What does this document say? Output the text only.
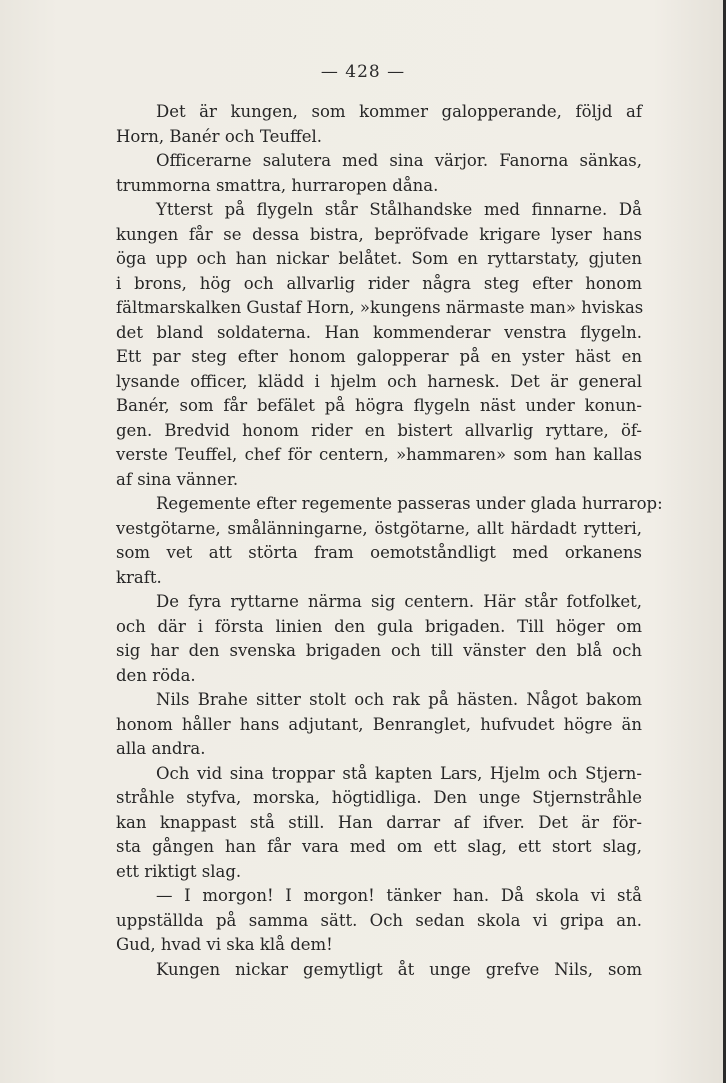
— 428 —
Det är kungen, som kommer galopperande, följd af
Horn, Banér och Teuffel.
Officerarne salutera med sina värjor. Fanorna sänkas,
trummorna smattra, hurraropen dåna.
Ytterst på flygeln står Stålhandske med finnarne. Då
kungen får se dessa bistra, bepröfvade krigare lyser hans
öga upp och han nickar belåtet. Som en ryttarstaty, gjuten
i brons, hög och allvarlig rider några steg efter honom
fältmarskalken Gustaf Horn, »kungens närmaste man» hviskas
det bland soldaterna. Han kommenderar venstra flygeln.
Ett par steg efter honom galopperar på en yster häst en
lysande officer, klädd i hjelm och harnesk. Det är general
Banér, som får befälet på högra flygeln näst under konun-
gen. Bredvid honom rider en bistert allvarlig ryttare, öf-
verste Teuffel, chef för centern, »hammaren» som han kallas
af sina vänner.
Regemente efter regemente passeras under glada hurrarop:
vestgötarne, smålänningarne, östgötarne, allt härdadt rytteri,
som vet att störta fram oemotståndligt med orkanens
kraft.
De fyra ryttarne närma sig centern. Här står fotfolket,
och där i första linien den gula brigaden. Till höger om
sig har den svenska brigaden och till vänster den blå och
den röda.
Nils Brahe sitter stolt och rak på hästen. Något bakom
honom håller hans adjutant, Benranglet, hufvudet högre än
alla andra.
Och vid sina troppar stå kapten Lars, Hjelm och Stjern-
stråhle styfva, morska, högtidliga. Den unge Stjernstråhle
kan knappast stå still. Han darrar af ifver. Det är för-
sta gången han får vara med om ett slag, ett stort slag,
ett riktigt slag.
— I morgon! I morgon! tänker han. Då skola vi stå
uppställda på samma sätt. Och sedan skola vi gripa an.
Gud, hvad vi ska klå dem!
Kungen nickar gemytligt åt unge grefve Nils, som
